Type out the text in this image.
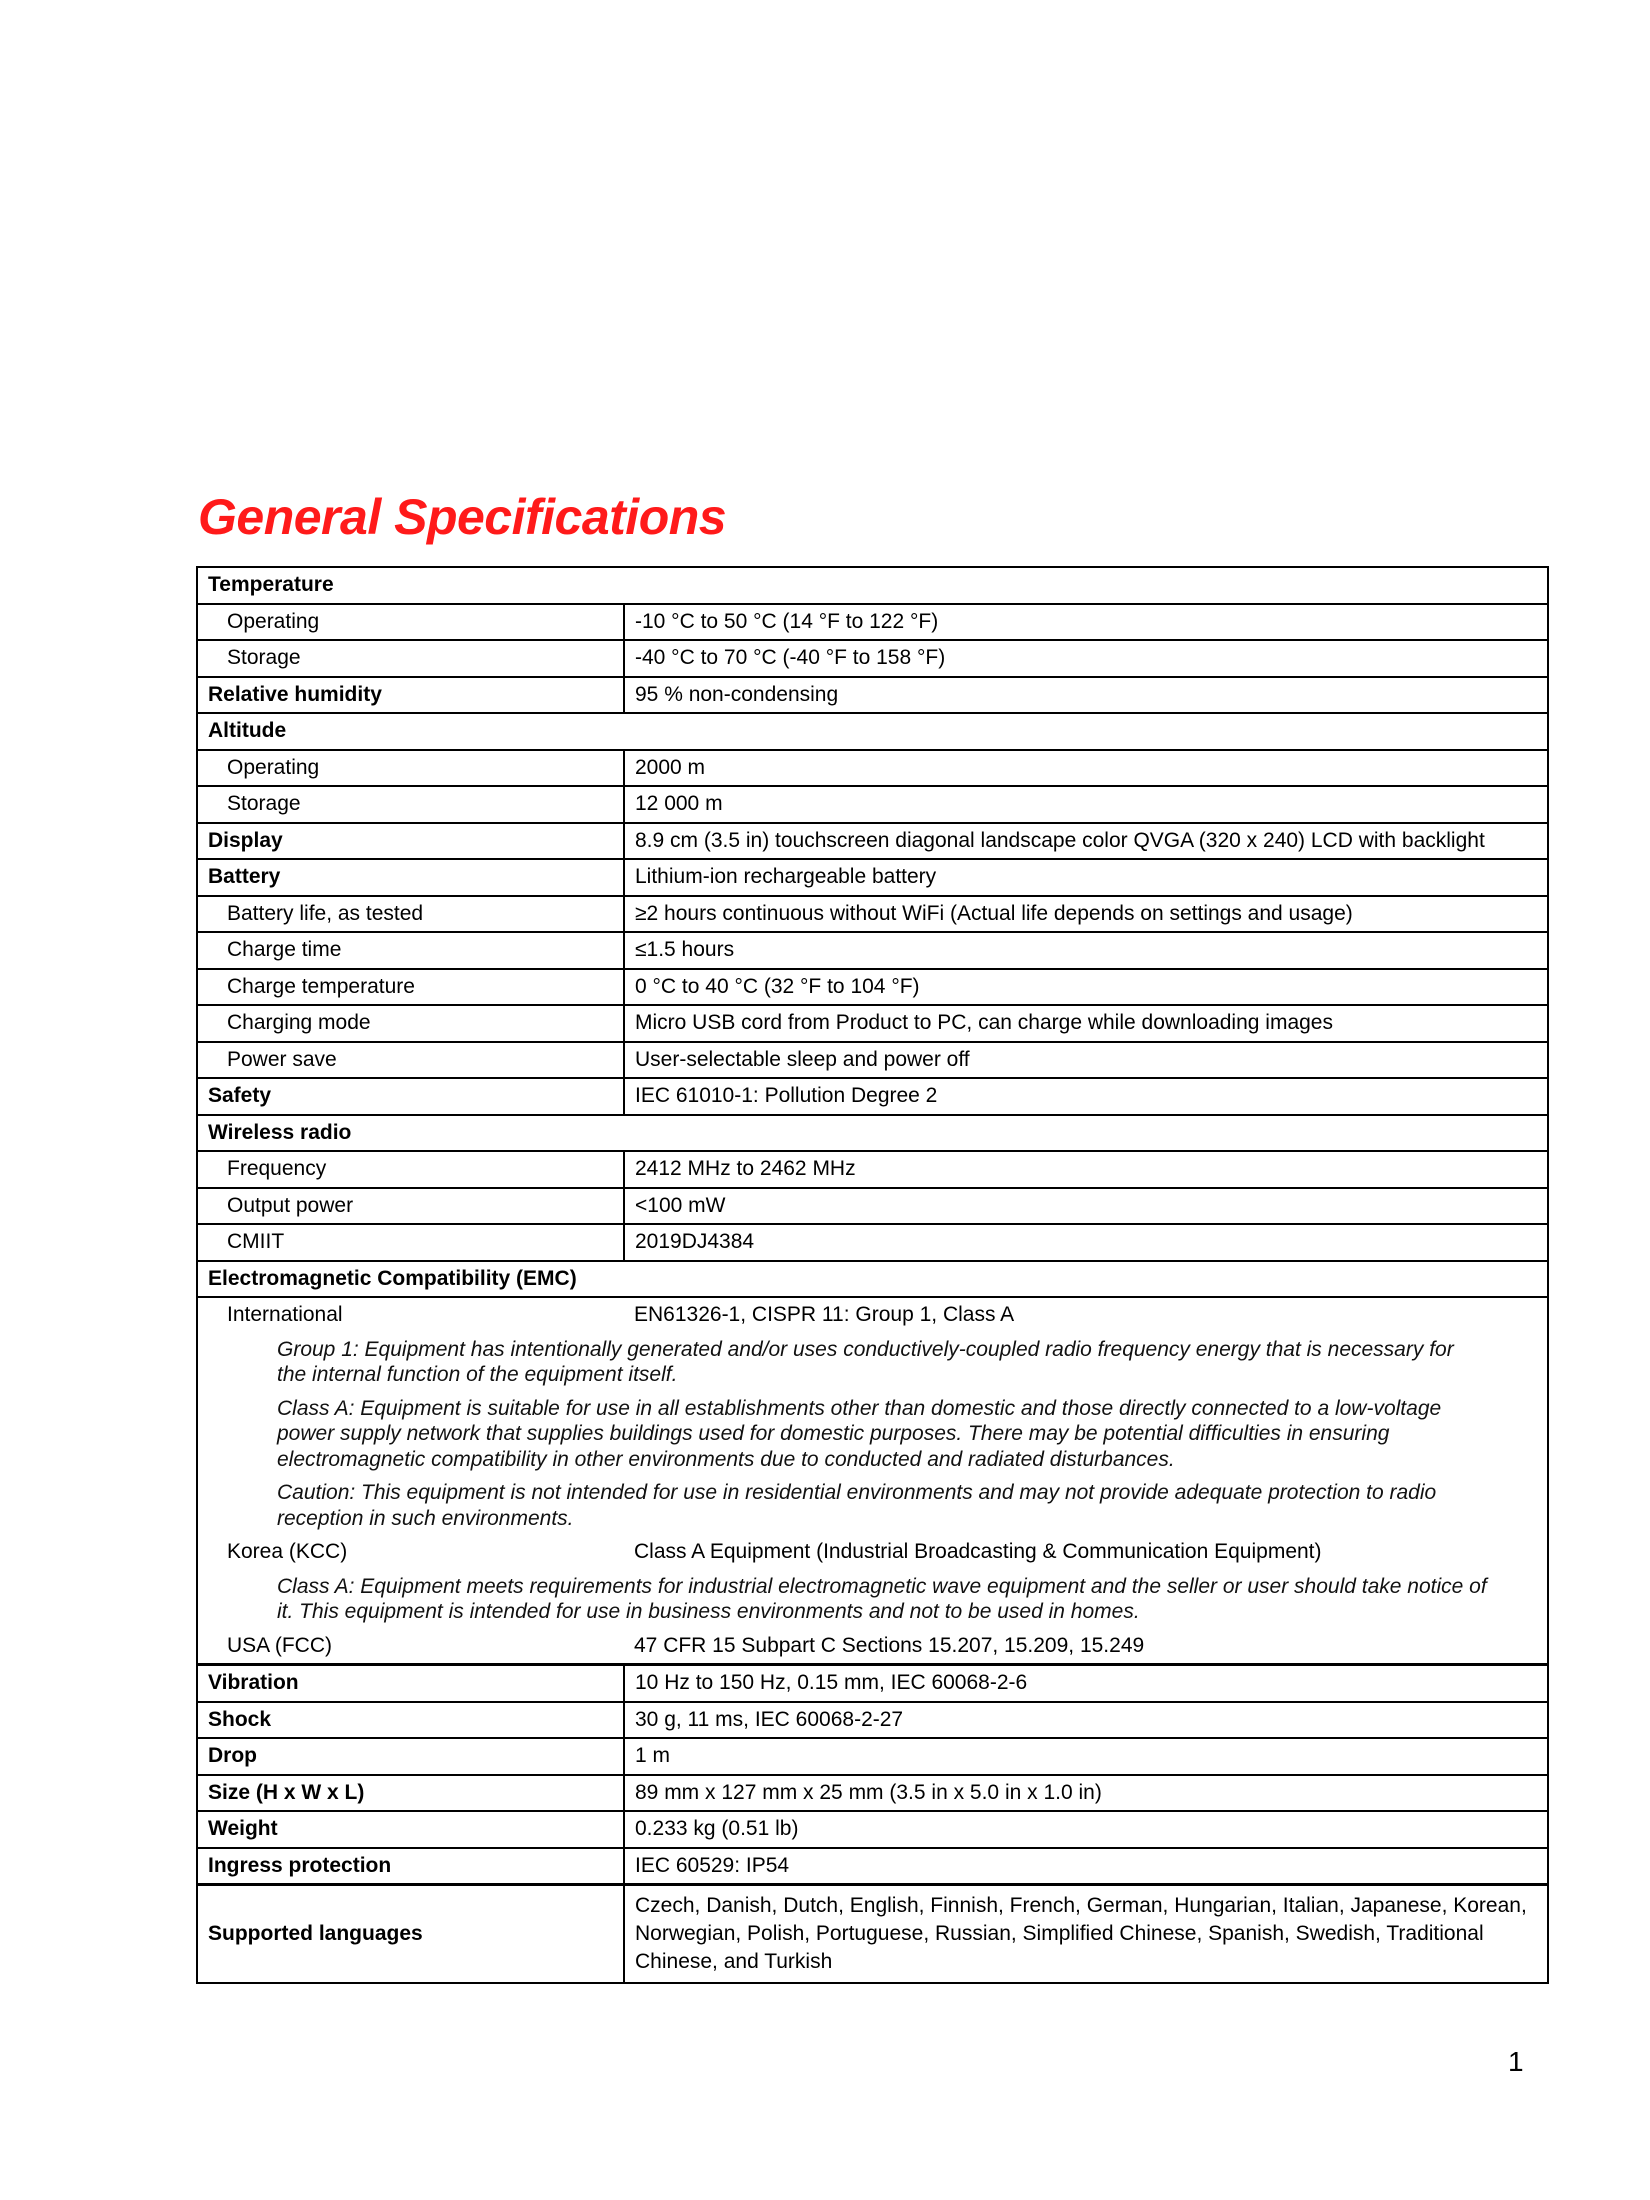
General Specifications
Temperature	
Operating	-10 °C to 50 °C (14 °F to 122 °F)
Storage	-40 °C to 70 °C (-40 °F to 158 °F)
Relative humidity	95 % non-condensing
Altitude	
Operating	2000 m
Storage	12 000 m
Display	8.9 cm (3.5 in) touchscreen diagonal landscape color QVGA (320 x 240) LCD with backlight
Battery	Lithium-ion rechargeable battery
Battery life, as tested	≥2 hours continuous without WiFi (Actual life depends on settings and usage)
Charge time	≤1.5 hours
Charge temperature	0 °C to 40 °C (32 °F to 104 °F)
Charging mode	Micro USB cord from Product to PC, can charge while downloading images
Power save	User-selectable sleep and power off
Safety	IEC 61010-1: Pollution Degree 2
Wireless radio	
Frequency	2412 MHz to 2462 MHz
Output power	<100 mW
CMIIT	2019DJ4384
Electromagnetic Compatibility (EMC)	
International	EN61326-1, CISPR 11: Group 1, Class A
Group 1: Equipment has intentionally generated and/or uses conductively-coupled radio frequency energy that is necessary for the internal function of the equipment itself.	
Class A: Equipment is suitable for use in all establishments other than domestic and those directly connected to a low-voltage power supply network that supplies buildings used for domestic purposes. There may be potential difficulties in ensuring electromagnetic compatibility in other environments due to conducted and radiated disturbances.	
Caution: This equipment is not intended for use in residential environments and may not provide adequate protection to radio reception in such environments.	
Korea (KCC)	Class A Equipment (Industrial Broadcasting & Communication Equipment)
Class A: Equipment meets requirements for industrial electromagnetic wave equipment and the seller or user should take notice of it. This equipment is intended for use in business environments and not to be used in homes.	
USA (FCC)	47 CFR 15 Subpart C Sections 15.207, 15.209, 15.249
Vibration	10 Hz to 150 Hz, 0.15 mm, IEC 60068-2-6
Shock	30 g, 11 ms, IEC 60068-2-27
Drop	1 m
Size (H x W x L)	89 mm x 127 mm x 25 mm (3.5 in x 5.0 in x 1.0 in)
Weight	0.233 kg (0.51 lb)
Ingress protection	IEC 60529: IP54
Supported languages	Czech, Danish, Dutch, English, Finnish, French, German, Hungarian, Italian, Japanese, Korean, Norwegian, Polish, Portuguese, Russian, Simplified Chinese, Spanish, Swedish, Traditional Chinese, and Turkish
1
